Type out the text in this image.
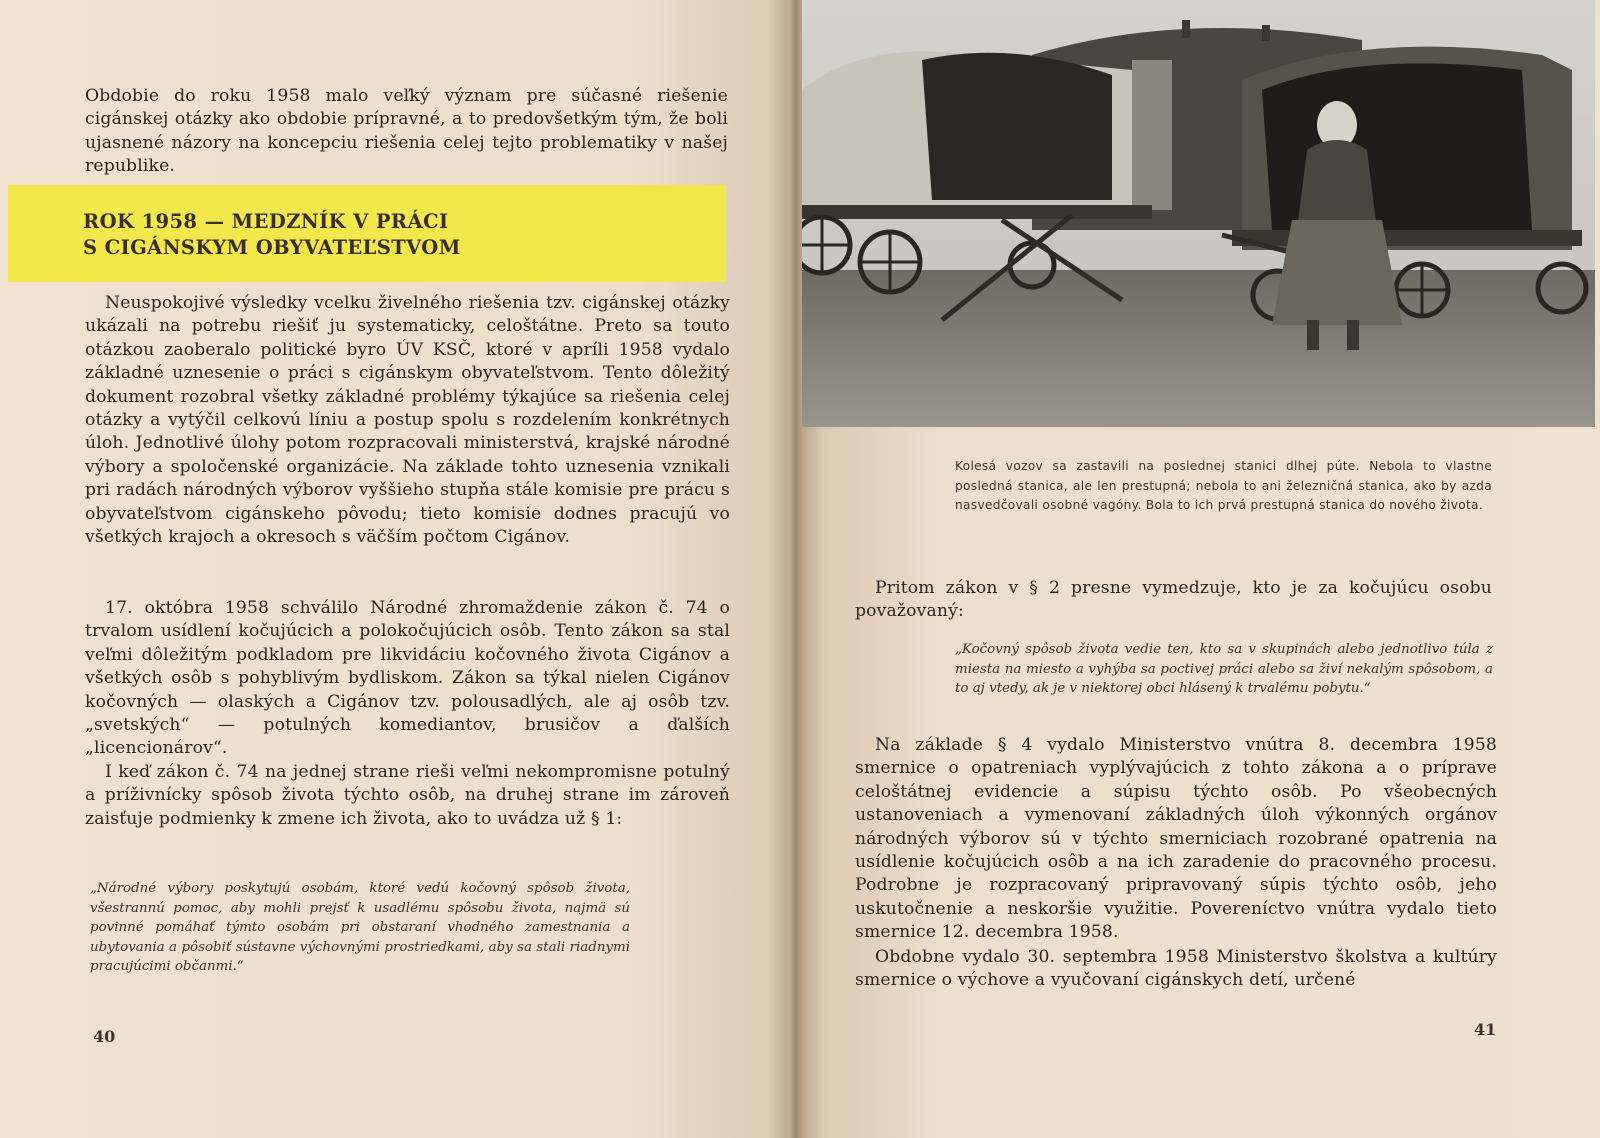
Obdobie do roku 1958 malo veľký význam pre súčasné riešenie cigánskej otázky ako obdobie prípravné, a to predovšetkým tým, že boli ujasnené názory na koncepciu riešenia celej tejto problematiky v našej republike.

ROK 1958 — MEDZNÍK V PRÁCI
S CIGÁNSKYM OBYVATEĽSTVOM

Neuspokojivé výsledky vcelku živelného riešenia tzv. cigánskej otázky ukázali na potrebu riešiť ju systematicky, celoštátne. Preto sa touto otázkou zaoberalo politické byro ÚV KSČ, ktoré v apríli 1958 vydalo základné uznesenie o práci s cigánskym obyvateľstvom. Tento dôležitý dokument rozobral všetky základné problémy týkajúce sa riešenia celej otázky a vytýčil celkovú líniu a postup spolu s rozdelením konkrétnych úloh. Jednotlivé úlohy potom rozpracovali ministerstvá, krajské národné výbory a spoločenské organizácie. Na základe tohto uznesenia vznikali pri radách národných výborov vyššieho stupňa stále komisie pre prácu s obyvateľstvom cigánskeho pôvodu; tieto komisie dodnes pracujú vo všetkých krajoch a okresoch s väčším počtom Cigánov.

17. októbra 1958 schválilo Národné zhromaždenie zákon č. 74 o trvalom usídlení kočujúcich a polokočujúcich osôb. Tento zákon sa stal veľmi dôležitým podkladom pre likvidáciu kočovného života Cigánov a všetkých osôb s pohyblivým bydliskom. Zákon sa týkal nielen Cigánov kočovných — olaských a Cigánov tzv. polousadlých, ale aj osôb tzv. „svetských“ — potulných komediantov, brusičov a ďalších „licencionárov“.

I keď zákon č. 74 na jednej strane rieši veľmi nekompromisne potulný a príživnícky spôsob života týchto osôb, na druhej strane im zároveň zaisťuje podmienky k zmene ich života, ako to uvádza už § 1:

„Národné výbory poskytujú osobám, ktoré vedú kočovný spôsob života, všestrannú pomoc, aby mohli prejsť k usadlému spôsobu života, najmä sú povinné pomáhať týmto osobám pri obstaraní vhodného zamestnania a ubytovania a pôsobiť sústavne výchovnými prostriedkami, aby sa stali riadnymi pracujúcimi občanmi.“

40

Kolesá vozov sa zastavili na poslednej stanici dlhej púte. Nebola to vlastne posledná stanica, ale len prestupná; nebola to ani železničná stanica, ako by azda nasvedčovali osobné vagóny. Bola to ich prvá prestupná stanica do nového života.

Pritom zákon v § 2 presne vymedzuje, kto je za kočujúcu osobu považovaný:

„Kočovný spôsob života vedie ten, kto sa v skupinách alebo jednotlivo túla z miesta na miesto a vyhýba sa poctivej práci alebo sa živí nekalým spôsobom, a to aj vtedy, ak je v niektorej obci hlásený k trvalému pobytu.“

Na základe § 4 vydalo Ministerstvo vnútra 8. decembra 1958 smernice o opatreniach vyplývajúcich z tohto zákona a o príprave celoštátnej evidencie a súpisu týchto osôb. Po všeobecných ustanoveniach a vymenovaní základných úloh výkonných orgánov národných výborov sú v týchto smerniciach rozobrané opatrenia na usídlenie kočujúcich osôb a na ich zaradenie do pracovného procesu. Podrobne je rozpracovaný pripravovaný súpis týchto osôb, jeho uskutočnenie a neskoršie využitie. Povereníctvo vnútra vydalo tieto smernice 12. decembra 1958.

Obdobne vydalo 30. septembra 1958 Ministerstvo školstva a kultúry smernice o výchove a vyučovaní cigánskych detí, určené

41
